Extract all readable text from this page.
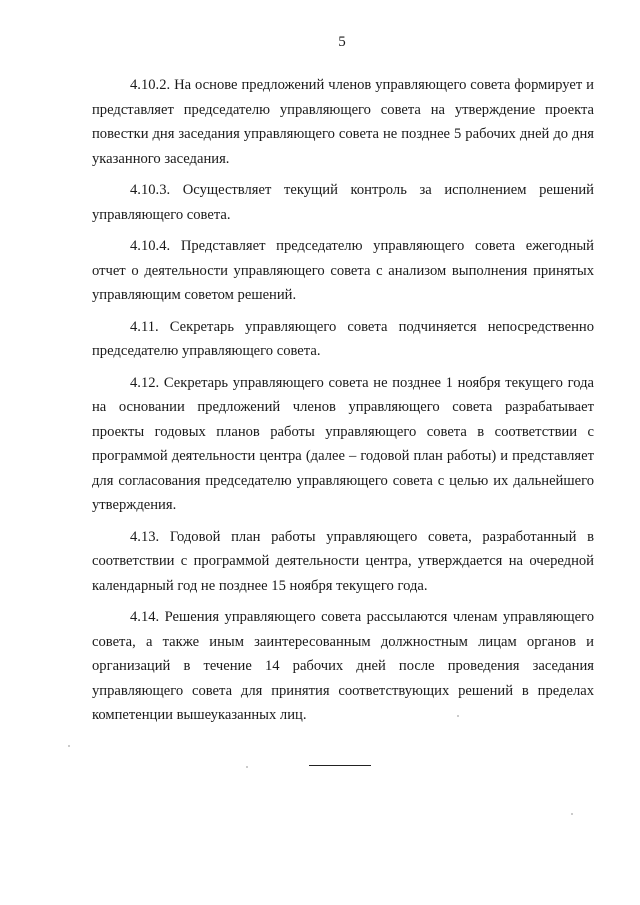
5

4.10.2. На основе предложений членов управляющего совета формирует и представляет председателю управляющего совета на утверждение проекта повестки дня заседания управляющего совета не позднее 5 рабочих дней до дня указанного заседания.

4.10.3. Осуществляет текущий контроль за исполнением решений управляющего совета.

4.10.4. Представляет председателю управляющего совета ежегодный отчет о деятельности управляющего совета с анализом выполнения принятых управляющим советом решений.

4.11. Секретарь управляющего совета подчиняется непосредственно председателю управляющего совета.

4.12. Секретарь управляющего совета не позднее 1 ноября текущего года на основании предложений членов управляющего совета разрабатывает проекты годовых планов работы управляющего совета в соответствии с программой деятельности центра (далее – годовой план работы) и представляет для согласования председателю управляющего совета с целью их дальнейшего утверждения.

4.13. Годовой план работы управляющего совета, разработанный в соответствии с программой деятельности центра, утверждается на очередной календарный год не позднее 15 ноября текущего года.

4.14. Решения управляющего совета рассылаются членам управляющего совета, а также иным заинтересованным должностным лицам органов и организаций в течение 14 рабочих дней после проведения заседания управляющего совета для принятия соответствующих решений в пределах компетенции вышеуказанных лиц.
